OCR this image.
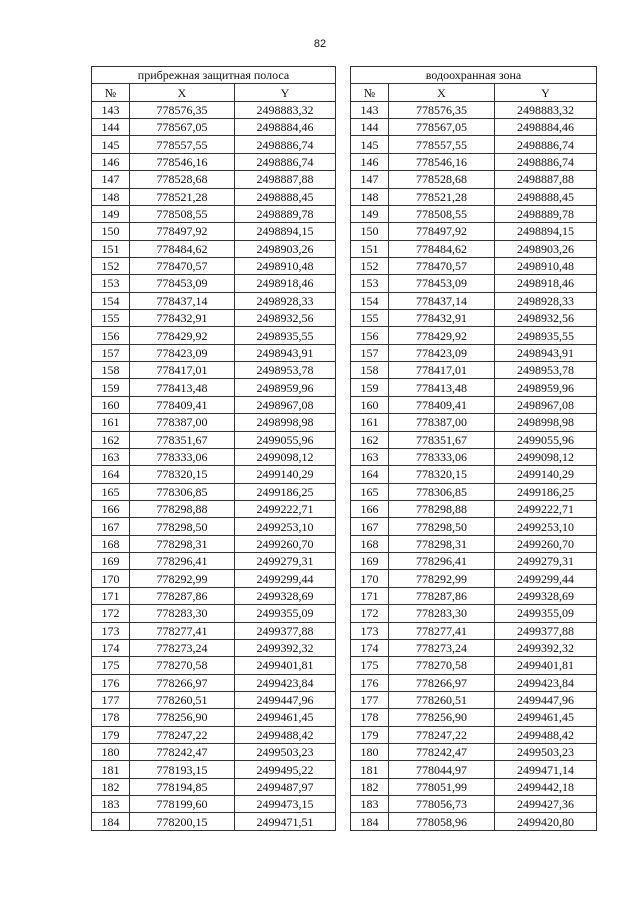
82
прибрежная защитная полоса		
№	X	Y
143	778576,35	2498883,32
144	778567,05	2498884,46
145	778557,55	2498886,74
146	778546,16	2498886,74
147	778528,68	2498887,88
148	778521,28	2498888,45
149	778508,55	2498889,78
150	778497,92	2498894,15
151	778484,62	2498903,26
152	778470,57	2498910,48
153	778453,09	2498918,46
154	778437,14	2498928,33
155	778432,91	2498932,56
156	778429,92	2498935,55
157	778423,09	2498943,91
158	778417,01	2498953,78
159	778413,48	2498959,96
160	778409,41	2498967,08
161	778387,00	2498998,98
162	778351,67	2499055,96
163	778333,06	2499098,12
164	778320,15	2499140,29
165	778306,85	2499186,25
166	778298,88	2499222,71
167	778298,50	2499253,10
168	778298,31	2499260,70
169	778296,41	2499279,31
170	778292,99	2499299,44
171	778287,86	2499328,69
172	778283,30	2499355,09
173	778277,41	2499377,88
174	778273,24	2499392,32
175	778270,58	2499401,81
176	778266,97	2499423,84
177	778260,51	2499447,96
178	778256,90	2499461,45
179	778247,22	2499488,42
180	778242,47	2499503,23
181	778193,15	2499495,22
182	778194,85	2499487,97
183	778199,60	2499473,15
184	778200,15	2499471,51
водоохранная зона		
№	X	Y
143	778576,35	2498883,32
144	778567,05	2498884,46
145	778557,55	2498886,74
146	778546,16	2498886,74
147	778528,68	2498887,88
148	778521,28	2498888,45
149	778508,55	2498889,78
150	778497,92	2498894,15
151	778484,62	2498903,26
152	778470,57	2498910,48
153	778453,09	2498918,46
154	778437,14	2498928,33
155	778432,91	2498932,56
156	778429,92	2498935,55
157	778423,09	2498943,91
158	778417,01	2498953,78
159	778413,48	2498959,96
160	778409,41	2498967,08
161	778387,00	2498998,98
162	778351,67	2499055,96
163	778333,06	2499098,12
164	778320,15	2499140,29
165	778306,85	2499186,25
166	778298,88	2499222,71
167	778298,50	2499253,10
168	778298,31	2499260,70
169	778296,41	2499279,31
170	778292,99	2499299,44
171	778287,86	2499328,69
172	778283,30	2499355,09
173	778277,41	2499377,88
174	778273,24	2499392,32
175	778270,58	2499401,81
176	778266,97	2499423,84
177	778260,51	2499447,96
178	778256,90	2499461,45
179	778247,22	2499488,42
180	778242,47	2499503,23
181	778044,97	2499471,14
182	778051,99	2499442,18
183	778056,73	2499427,36
184	778058,96	2499420,80
